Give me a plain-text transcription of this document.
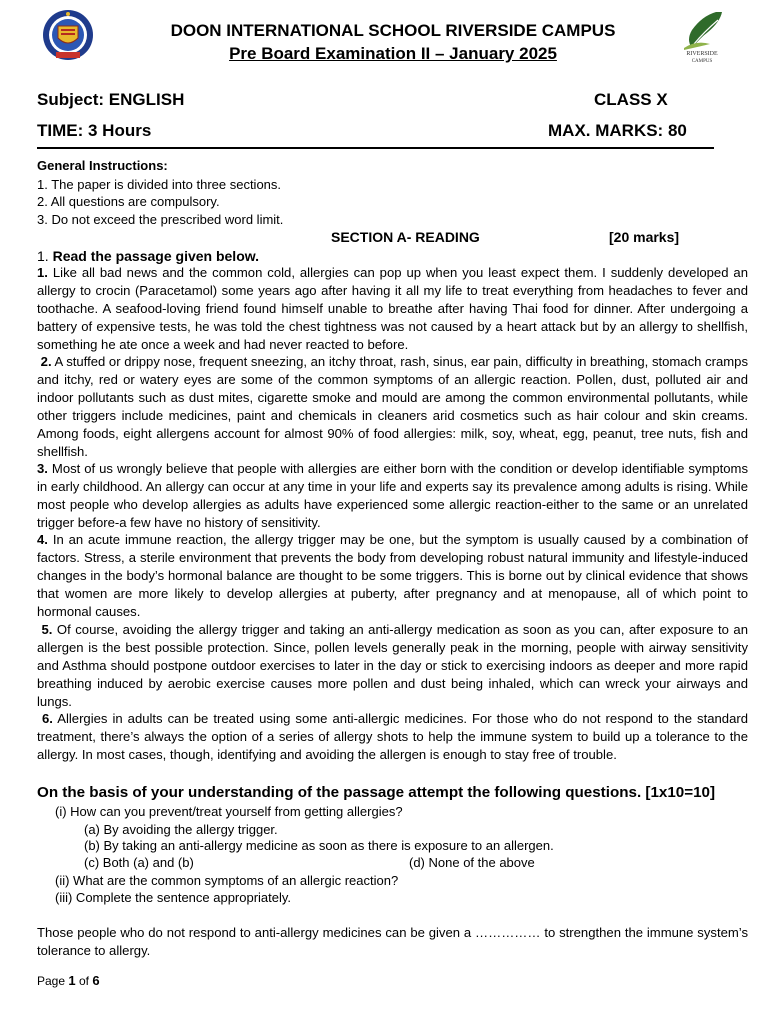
RIVERSIDE
CAMPUS
DOON INTERNATIONAL SCHOOL RIVERSIDE CAMPUS
Pre Board Examination II – January 2025
Subject: ENGLISH	CLASS X
TIME: 3 Hours	MAX. MARKS: 80
General Instructions:
1. The paper is divided into three sections.
2. All questions are compulsory.
3. Do not exceed the prescribed word limit.
SECTION A- READING	[20 marks]
1. Read the passage given below.
1. Like all bad news and the common cold, allergies can pop up when you least expect them. I suddenly developed an allergy to crocin (Paracetamol) some years ago after having it all my life to treat everything from headaches to fever and toothache. A seafood-loving friend found himself unable to breathe after having Thai food for dinner. After undergoing a battery of expensive tests, he was told the chest tightness was not caused by a heart attack but by an allergy to shellfish, something he ate once a week and had never reacted to before.
2. A stuffed or drippy nose, frequent sneezing, an itchy throat, rash, sinus, ear pain, difficulty in breathing, stomach cramps and itchy, red or watery eyes are some of the common symptoms of an allergic reaction. Pollen, dust, polluted air and indoor pollutants such as dust mites, cigarette smoke and mould are among the common environmental pollutants, while other triggers include medicines, paint and chemicals in cleaners arid cosmetics such as hair colour and skin creams. Among foods, eight allergens account for almost 90% of food allergies: milk, soy, wheat, egg, peanut, tree nuts, fish and shellfish.
3. Most of us wrongly believe that people with allergies are either born with the condition or develop identifiable symptoms in early childhood. An allergy can occur at any time in your life and experts say its prevalence among adults is rising. While most people who develop allergies as adults have experienced some allergic reaction-either to the same or an unrelated trigger before-a few have no history of sensitivity.
4. In an acute immune reaction, the allergy trigger may be one, but the symptom is usually caused by a combination of factors. Stress, a sterile environment that prevents the body from developing robust natural immunity and lifestyle-induced changes in the body’s hormonal balance are thought to be some triggers. This is borne out by clinical evidence that shows that women are more likely to develop allergies at puberty, after pregnancy and at menopause, all of which point to hormonal causes.
5. Of course, avoiding the allergy trigger and taking an anti-allergy medication as soon as you can, after exposure to an allergen is the best possible protection. Since, pollen levels generally peak in the morning, people with airway sensitivity and Asthma should postpone outdoor exercises to later in the day or stick to exercising indoors as deeper and more rapid breathing induced by aerobic exercise causes more pollen and dust being inhaled, which can wreck your airways and lungs.
6. Allergies in adults can be treated using some anti-allergic medicines. For those who do not respond to the standard treatment, there’s always the option of a series of allergy shots to help the immune system to build up a tolerance to the allergy. In most cases, though, identifying and avoiding the allergen is enough to stay free of trouble.
On the basis of your understanding of the passage attempt the following questions. [1x10=10]
(i) How can you prevent/treat yourself from getting allergies?
(a) By avoiding the allergy trigger.
(b) By taking an anti-allergy medicine as soon as there is exposure to an allergen.
(c) Both (a) and (b)	(d) None of the above
(ii) What are the common symptoms of an allergic reaction?
(iii) Complete the sentence appropriately.
Those people who do not respond to anti-allergy medicines can be given a …………… to strengthen the immune system’s tolerance to allergy.
Page 1 of 6
